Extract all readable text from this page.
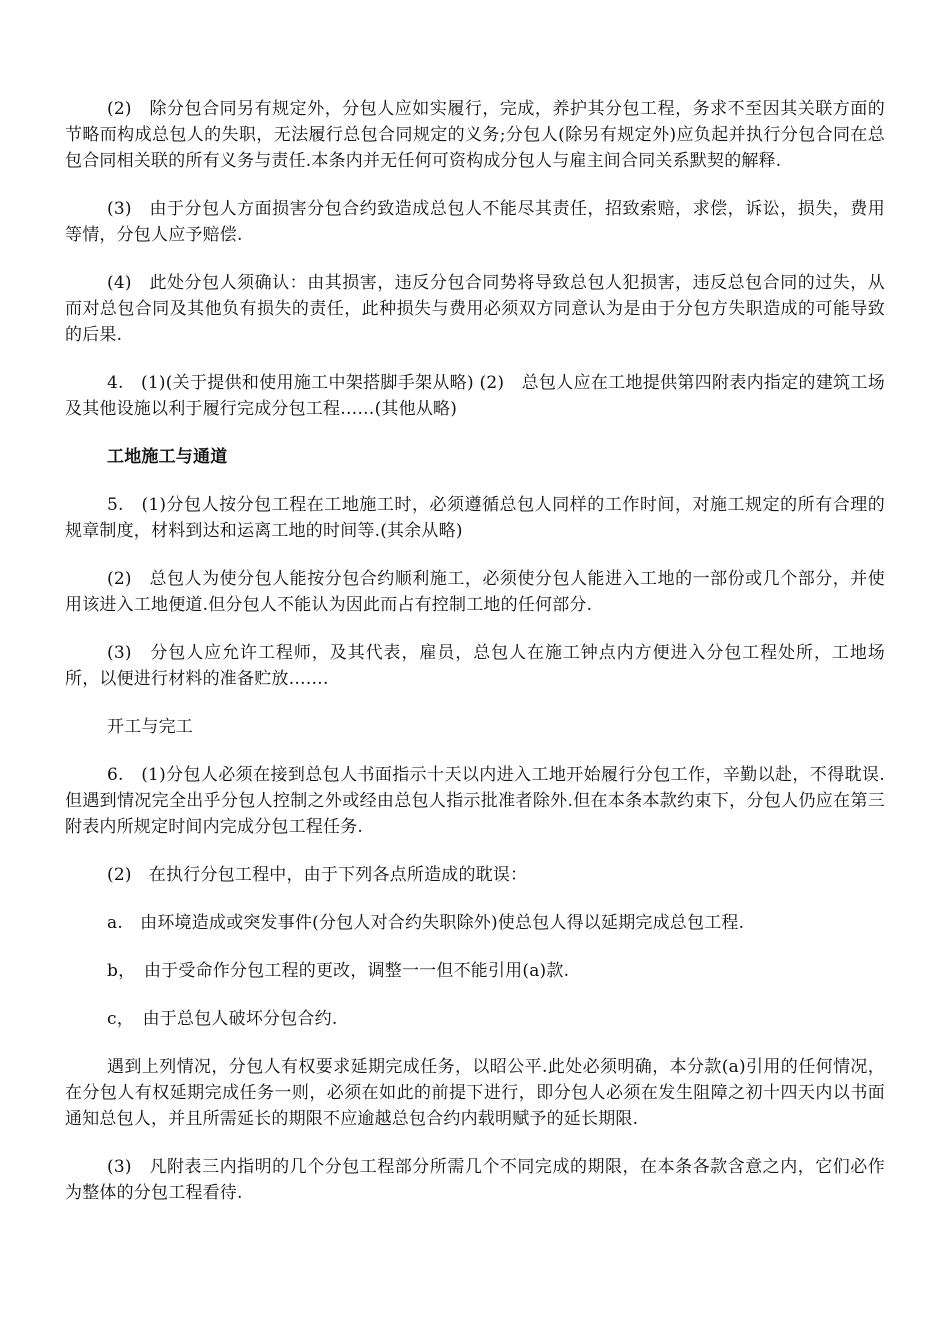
(2)　除分包合同另有规定外，分包人应如实履行，完成，养护其分包工程，务求不至因其关联方面的节略而构成总包人的失职，无法履行总包合同规定的义务;分包人(除另有规定外)应负起并执行分包合同在总包合同相关联的所有义务与责任.本条内并无任何可资构成分包人与雇主间合同关系默契的解释.

(3)　由于分包人方面损害分包合约致造成总包人不能尽其责任，招致索赔，求偿，诉讼，损失，费用等情，分包人应予赔偿.

(4)　此处分包人须确认：由其损害，违反分包合同势将导致总包人犯损害，违反总包合同的过失，从而对总包合同及其他负有损失的责任，此种损失与费用必须双方同意认为是由于分包方失职造成的可能导致的后果.

4.　(1)(关于提供和使用施工中架搭脚手架从略) (2)　总包人应在工地提供第四附表内指定的建筑工场及其他设施以利于履行完成分包工程……(其他从略)

工地施工与通道

5.　(1)分包人按分包工程在工地施工时，必须遵循总包人同样的工作时间，对施工规定的所有合理的规章制度，材料到达和运离工地的时间等.(其余从略)

(2)　总包人为使分包人能按分包合约顺利施工，必须使分包人能进入工地的一部份或几个部分，并使用该进入工地便道.但分包人不能认为因此而占有控制工地的任何部分.

(3)　分包人应允许工程师，及其代表，雇员，总包人在施工钟点内方便进入分包工程处所，工地场所，以便进行材料的准备贮放…….

开工与完工

6.　(1)分包人必须在接到总包人书面指示十天以内进入工地开始履行分包工作，辛勤以赴，不得耽误.但遇到情况完全出乎分包人控制之外或经由总包人指示批准者除外.但在本条本款约束下，分包人仍应在第三附表内所规定时间内完成分包工程任务.

(2)　在执行分包工程中，由于下列各点所造成的耽误：

a.　由环境造成或突发事件(分包人对合约失职除外)使总包人得以延期完成总包工程.

b，　由于受命作分包工程的更改，调整一一但不能引用(a)款.

c，　由于总包人破坏分包合约.

遇到上列情况，分包人有权要求延期完成任务，以昭公平.此处必须明确，本分款(a)引用的任何情况，在分包人有权延期完成任务一则，必须在如此的前提下进行，即分包人必须在发生阻障之初十四天内以书面通知总包人，并且所需延长的期限不应逾越总包合约内载明赋予的延长期限.

(3)　凡附表三内指明的几个分包工程部分所需几个不同完成的期限，在本条各款含意之内，它们必作为整体的分包工程看待.
